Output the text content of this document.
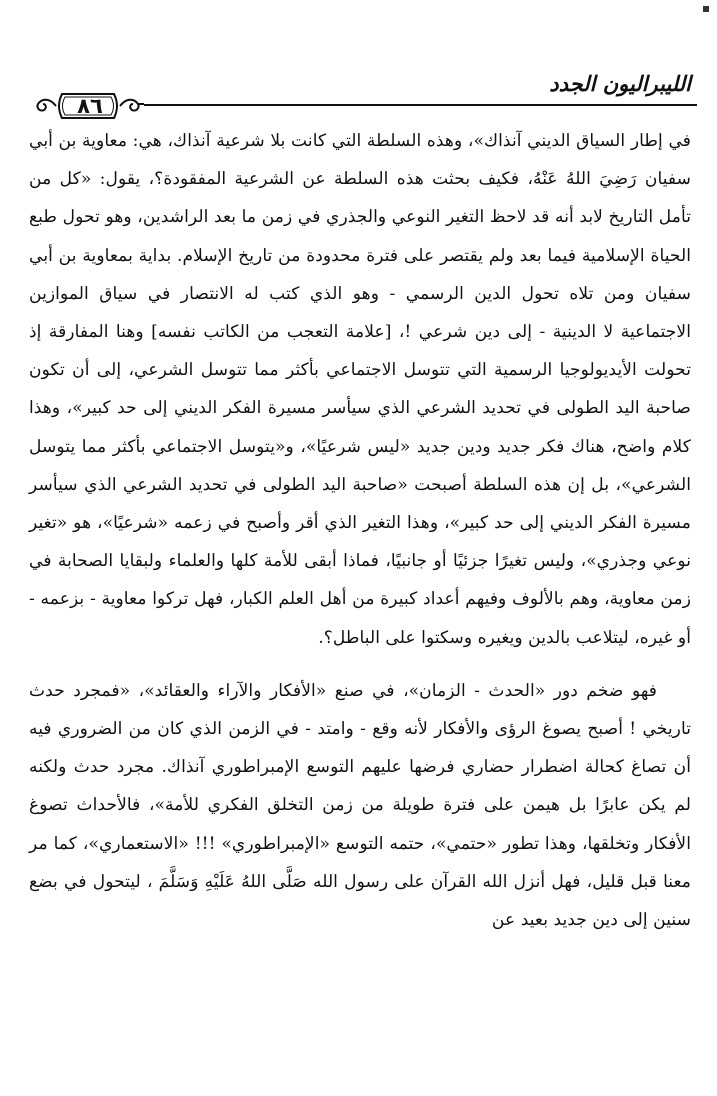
الليبراليون الجدد
٨٦

في إطار السياق الديني آنذاك»، وهذه السلطة التي كانت بلا شرعية آنذاك، هي: معاوية بن أبي سفيان رَضِيَ اللهُ عَنْهُ، فكيف بحثت هذه السلطة عن الشرعية المفقودة؟، يقول: «كل من تأمل التاريخ لابد أنه قد لاحظ التغير النوعي والجذري في زمن ما بعد الراشدين، وهو تحول طبع الحياة الإسلامية فيما بعد ولم يقتصر على فترة محدودة من تاريخ الإسلام. بداية بمعاوية بن أبي سفيان ومن تلاه تحول الدين الرسمي - وهو الذي كتب له الانتصار في سياق الموازين الاجتماعية لا الدينية - إلى دين شرعي !، [علامة التعجب من الكاتب نفسه] وهنا المفارقة إذ تحولت الأيديولوجيا الرسمية التي تتوسل الاجتماعي بأكثر مما تتوسل الشرعي، إلى أن تكون صاحبة اليد الطولى في تحديد الشرعي الذي سيأسر مسيرة الفكر الديني إلى حد كبير»، وهذا كلام واضح، هناك فكر جديد ودين جديد «ليس شرعيًا»، و«يتوسل الاجتماعي بأكثر مما يتوسل الشرعي»، بل إن هذه السلطة أصبحت «صاحبة اليد الطولى في تحديد الشرعي الذي سيأسر مسيرة الفكر الديني إلى حد كبير»، وهذا التغير الذي أقر وأصبح في زعمه «شرعيًا»، هو «تغير نوعي وجذري»، وليس تغيرًا جزئيًا أو جانبيًا، فماذا أبقى للأمة كلها والعلماء ولبقايا الصحابة في زمن معاوية، وهم بالألوف وفيهم أعداد كبيرة من أهل العلم الكبار، فهل تركوا معاوية - بزعمه - أو غيره، ليتلاعب بالدين ويغيره وسكتوا على الباطل؟.

فهو ضخم دور «الحدث - الزمان»، في صنع «الأفكار والآراء والعقائد»، «فمجرد حدث تاريخي ! أصبح يصوغ الرؤى والأفكار لأنه وقع - وامتد - في الزمن الذي كان من الضروري فيه أن تصاغ كحالة اضطرار حضاري فرضها عليهم التوسع الإمبراطوري آنذاك. مجرد حدث ولكنه لم يكن عابرًا بل هيمن على فترة طويلة من زمن التخلق الفكري للأمة»، فالأحداث تصوغ الأفكار وتخلقها، وهذا تطور «حتمي»، حتمه التوسع «الإمبراطوري» !!! «الاستعماري»، كما مر معنا قبل قليل، فهل أنزل الله القرآن على رسول الله صَلَّى اللهُ عَلَيْهِ وَسَلَّمَ ، ليتحول في بضع سنين إلى دين جديد بعيد عن
